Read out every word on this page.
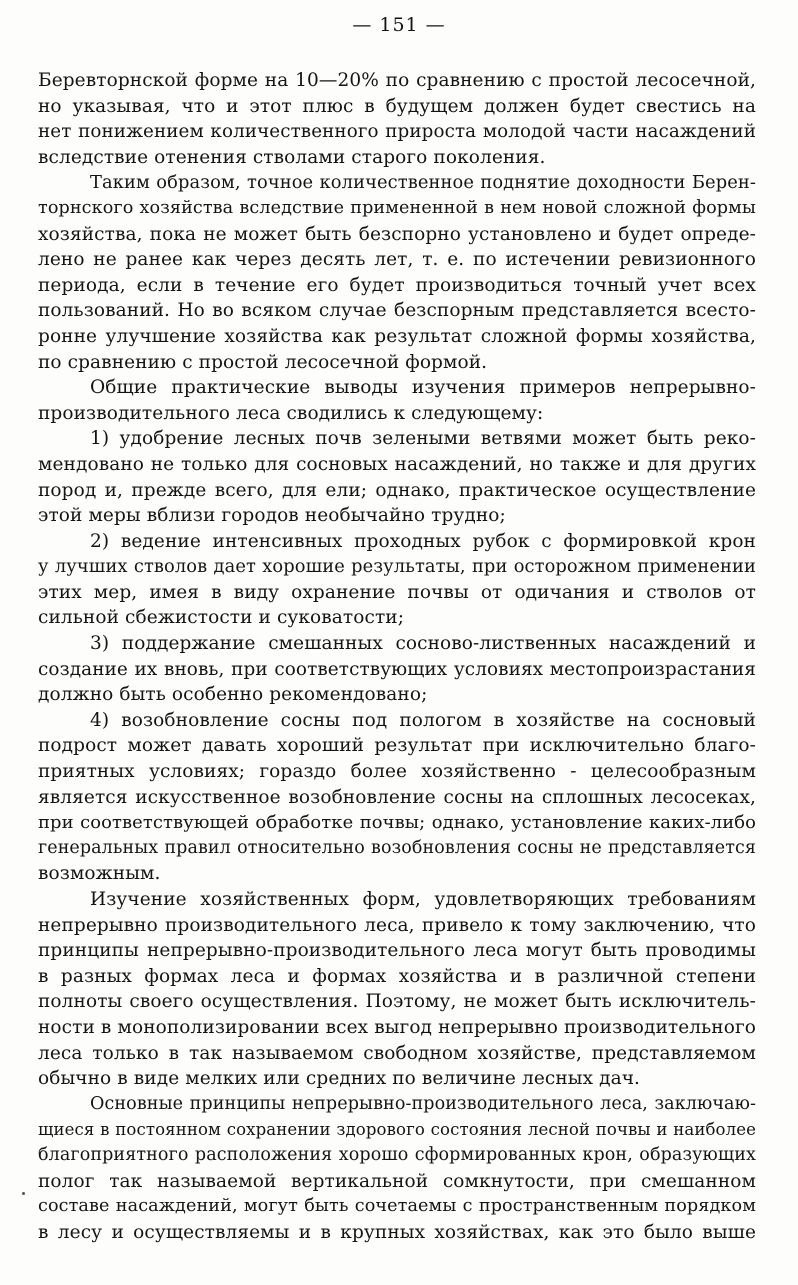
— 151 —
Беревторнской форме на 10—20% по сравнению с простой лесосечной,
но указывая, что и этот плюс в будущем должен будет свестись на
нет понижением количественного прироста молодой части насаждений
вследствие отенения стволами старого поколения.
Таким образом, точное количественное поднятие доходности Берен-
торнского хозяйства вследствие примененной в нем новой сложной формы
хозяйства, пока не может быть безспорно установлено и будет опреде-
лено не ранее как через десять лет, т. е. по истечении ревизионного
периода, если в течение его будет производиться точный учет всех
пользований. Но во всяком случае безспорным представляется всесто-
ронне улучшение хозяйства как результат сложной формы хозяйства,
по сравнению с простой лесосечной формой.
Общие практические выводы изучения примеров непрерывно-
производительного леса сводились к следующему:
1) удобрение лесных почв зелеными ветвями может быть реко-
мендовано не только для сосновых насаждений, но также и для других
пород и, прежде всего, для ели; однако, практическое осуществление
этой меры вблизи городов необычайно трудно;
2) ведение интенсивных проходных рубок с формировкой крон
у лучших стволов дает хорошие результаты, при осторожном применении
этих мер, имея в виду охранение почвы от одичания и стволов от
сильной сбежистости и суковатости;
3) поддержание смешанных сосново-лиственных насаждений и
создание их вновь, при соответствующих условиях местопроизрастания
должно быть особенно рекомендовано;
4) возобновление сосны под пологом в хозяйстве на сосновый
подрост может давать хороший результат при исключительно благо-
приятных условиях; гораздо более хозяйственно - целесообразным
является искусственное возобновление сосны на сплошных лесосеках,
при соответствующей обработке почвы; однако, установление каких-либо
генеральных правил относительно возобновления сосны не представляется
возможным.
Изучение хозяйственных форм, удовлетворяющих требованиям
непрерывно производительного леса, привело к тому заключению, что
принципы непрерывно-производительного леса могут быть проводимы
в разных формах леса и формах хозяйства и в различной степени
полноты своего осуществления. Поэтому, не может быть исключитель-
ности в монополизировании всех выгод непрерывно производительного
леса только в так называемом свободном хозяйстве, представляемом
обычно в виде мелких или средних по величине лесных дач.
Основные принципы непрерывно-производительного леса, заключаю-
щиеся в постоянном сохранении здорового состояния лесной почвы и наиболее
благоприятного расположения хорошо сформированных крон, образующих
полог так называемой вертикальной сомкнутости, при смешанном
составе насаждений, могут быть сочетаемы с пространственным порядком
в лесу и осуществляемы и в крупных хозяйствах, как это было выше
